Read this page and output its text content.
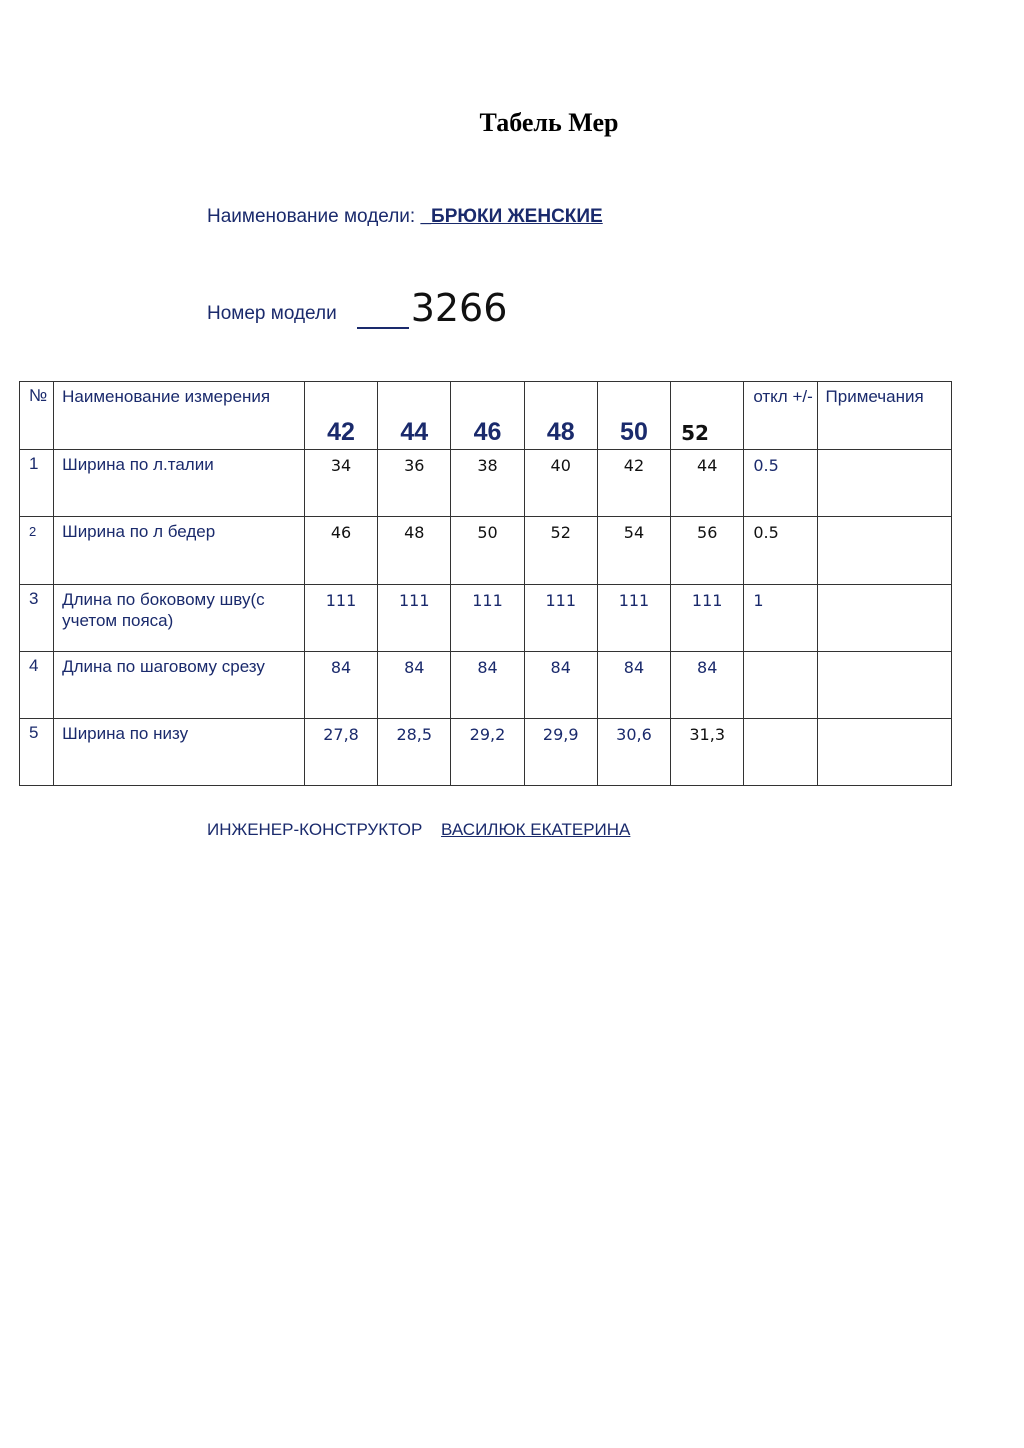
Табель Мер
Наименование модели: _БРЮКИ ЖЕНСКИЕ
Номер модели 3266
№	Наименование измерения	42	44	46	48	50	52	откл +/-	Примечания
1	Ширина по л.талии	34	36	38	40	42	44	0.5	
2	Ширина по л бедер	46	48	50	52	54	56	0.5	
3	Длина по боковому шву(с учетом пояса)	111	111	111	111	111	111	1	
4	Длина по шаговому срезу	84	84	84	84	84	84		
5	Ширина по низу	27,8	28,5	29,2	29,9	30,6	31,3		
ИНЖЕНЕР-КОНСТРУКТОР ВАСИЛЮК ЕКАТЕРИНА
